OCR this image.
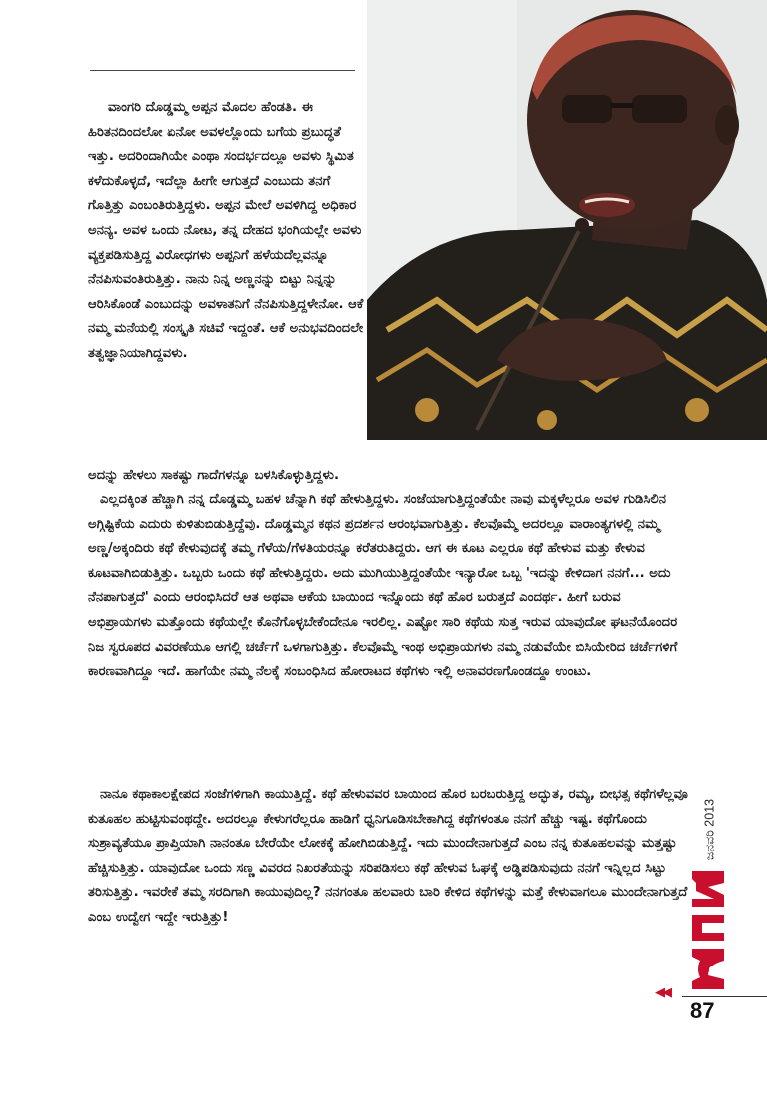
ವಾಂಗರಿ ದೊಡ್ಡಮ್ಮ ಅಪ್ಪನ ಮೊದಲ ಹೆಂಡತಿ. ಈ ಹಿರಿತನದಿಂದಲೋ ಏನೋ ಅವಳಲ್ಲೊಂದು ಬಗೆಯ ಪ್ರಬುದ್ಧತೆ ಇತ್ತು. ಅದರಿಂದಾಗಿಯೇ ಎಂಥಾ ಸಂದರ್ಭದಲ್ಲೂ ಅವಳು ಸ್ಥಿಮಿತ ಕಳೆದುಕೊಳ್ಳದೆ, ಇದೆಲ್ಲಾ ಹೀಗೇ ಆಗುತ್ತದೆ ಎಂಬುದು ತನಗೆ ಗೊತ್ತಿತ್ತು ಎಂಬಂತಿರುತ್ತಿದ್ದಳು. ಅಪ್ಪನ ಮೇಲೆ ಅವಳಿಗಿದ್ದ ಅಧಿಕಾರ ಅನನ್ಯ. ಅವಳ ಒಂದು ನೋಟ, ತನ್ನ ದೇಹದ ಭಂಗಿಯಲ್ಲೇ ಅವಳು ವ್ಯಕ್ತಪಡಿಸುತ್ತಿದ್ದ ವಿರೋಧಗಳು ಅಪ್ಪನಿಗೆ ಹಳೆಯದೆಲ್ಲವನ್ನೂ ನೆನಪಿಸುವಂತಿರುತ್ತಿತ್ತು. ನಾನು ನಿನ್ನ ಅಣ್ಣನನ್ನು ಬಿಟ್ಟು ನಿನ್ನನ್ನು ಆರಿಸಿಕೊಂಡೆ ಎಂಬುದನ್ನು ಅವಳಾತನಿಗೆ ನೆನಪಿಸುತ್ತಿದ್ದಳೇನೋ. ಆಕೆ ನಮ್ಮ ಮನೆಯಲ್ಲಿ ಸಂಸ್ಕೃತಿ ಸಚಿವೆ ಇದ್ದಂತೆ. ಆಕೆ ಅನುಭವದಿಂದಲೇ ತತ್ವಜ್ಞಾನಿಯಾಗಿದ್ದವಳು.

ಅದನ್ನು ಹೇಳಲು ಸಾಕಷ್ಟು ಗಾದೆಗಳನ್ನೂ ಬಳಸಿಕೊಳ್ಳುತ್ತಿದ್ದಳು.

ಎಲ್ಲದಕ್ಕಿಂತ ಹೆಚ್ಚಾಗಿ ನನ್ನ ದೊಡ್ಡಮ್ಮ ಬಹಳ ಚೆನ್ನಾಗಿ ಕಥೆ ಹೇಳುತ್ತಿದ್ದಳು. ಸಂಜೆಯಾಗುತ್ತಿದ್ದಂತೆಯೇ ನಾವು ಮಕ್ಕಳೆಲ್ಲರೂ ಅವಳ ಗುಡಿಸಿಲಿನ ಅಗ್ಗಿಷ್ಟಿಕೆಯ ಎದುರು ಕುಳಿತುಬಿಡುತ್ತಿದ್ದೆವು. ದೊಡ್ಡಮ್ಮನ ಕಥನ ಪ್ರದರ್ಶನ ಆರಂಭವಾಗುತ್ತಿತ್ತು. ಕೆಲವೊಮ್ಮೆ ಅದರಲ್ಲೂ ವಾರಾಂತ್ಯಗಳಲ್ಲಿ ನಮ್ಮ ಅಣ್ಣ/ಅಕ್ಕಂದಿರು ಕಥೆ ಕೇಳುವುದಕ್ಕೆ ತಮ್ಮ ಗೆಳೆಯ/ಗೆಳತಿಯರನ್ನೂ ಕರೆತರುತಿದ್ದರು. ಆಗ ಈ ಕೂಟ ಎಲ್ಲರೂ ಕಥೆ ಹೇಳುವ ಮತ್ತು ಕೇಳುವ ಕೂಟವಾಗಿಬಿಡುತ್ತಿತ್ತು. ಒಬ್ಬರು ಒಂದು ಕಥೆ ಹೇಳುತ್ತಿದ್ದರು. ಅದು ಮುಗಿಯುತ್ತಿದ್ದಂತೆಯೇ ಇನ್ಯಾರೋ ಒಬ್ಬ 'ಇದನ್ನು ಕೇಳಿದಾಗ ನನಗೆ... ಅದು ನೆನಪಾಗುತ್ತದೆ' ಎಂದು ಆರಂಭಿಸಿದರೆ ಆತ ಅಥವಾ ಆಕೆಯ ಬಾಯಿಂದ ಇನ್ನೊಂದು ಕಥೆ ಹೊರ ಬರುತ್ತದೆ ಎಂದರ್ಥ. ಹೀಗೆ ಬರುವ ಅಭಿಪ್ರಾಯಗಳು ಮತ್ತೊಂದು ಕಥೆಯಲ್ಲೇ ಕೊನೆಗೊಳ್ಳಬೇಕೆಂದೇನೂ ಇರಲಿಲ್ಲ. ಎಷ್ಟೋ ಸಾರಿ ಕಥೆಯ ಸುತ್ತ ಇರುವ ಯಾವುದೋ ಘಟನೆಯೊಂದರ ನಿಜ ಸ್ವರೂಪದ ವಿವರಣೆಯೂ ಆಗಲ್ಲಿ ಚರ್ಚೆಗೆ ಒಳಗಾಗುತ್ತಿತ್ತು. ಕೆಲವೊಮ್ಮೆ ಇಂಥ ಅಭಿಪ್ರಾಯಗಳು ನಮ್ಮ ನಡುವೆಯೇ ಬಿಸಿಯೇರಿದ ಚರ್ಚೆಗಳಿಗೆ ಕಾರಣವಾಗಿದ್ದೂ ಇದೆ. ಹಾಗೆಯೇ ನಮ್ಮ ನೆಲಕ್ಕೆ ಸಂಬಂಧಿಸಿದ ಹೋರಾಟದ ಕಥೆಗಳು ಇಲ್ಲಿ ಅನಾವರಣಗೊಂಡದ್ದೂ ಉಂಟು.

ನಾನೂ ಕಥಾಕಾಲಕ್ಷೇಪದ ಸಂಜೆಗಳಿಗಾಗಿ ಕಾಯುತ್ತಿದ್ದೆ. ಕಥೆ ಹೇಳುವವರ ಬಾಯಿಂದ ಹೊರ ಬರಬರುತ್ತಿದ್ದ ಅದ್ಭುತ, ರಮ್ಯ, ಬೀಭತ್ಸ ಕಥೆಗಳೆಲ್ಲವೂ ಕುತೂಹಲ ಹುಟ್ಟಿಸುವಂಥದ್ದೇ. ಅದರಲ್ಲೂ ಕೇಳುಗರೆಲ್ಲರೂ ಹಾಡಿಗೆ ಧ್ವನಿಗೂಡಿಸಬೇಕಾಗಿದ್ದ ಕಥೆಗಳಂತೂ ನನಗೆ ಹೆಚ್ಚು ಇಷ್ಟ. ಕಥೆಗೊಂದು ಸುಶ್ರಾವ್ಯತೆಯೂ ಪ್ರಾಪ್ತಿಯಾಗಿ ನಾನಂತೂ ಬೇರೆಯೇ ಲೋಕಕ್ಕೆ ಹೋಗಿಬಿಡುತ್ತಿದ್ದೆ. ಇದು ಮುಂದೇನಾಗುತ್ತದೆ ಎಂಬ ನನ್ನ ಕುತೂಹಲವನ್ನು ಮತ್ತಷ್ಟು ಹೆಚ್ಚಿಸುತ್ತಿತ್ತು. ಯಾವುದೋ ಒಂದು ಸಣ್ಣ ವಿವರದ ನಿಖರತೆಯನ್ನು ಸರಿಪಡಿಸಲು ಕಥೆ ಹೇಳುವ ಓಘಕ್ಕೆ ಅಡ್ಡಿಪಡಿಸುವುದು ನನಗೆ ಇನ್ನಿಲ್ಲದ ಸಿಟ್ಟು ತರಿಸುತ್ತಿತ್ತು. ಇವರೇಕೆ ತಮ್ಮ ಸರದಿಗಾಗಿ ಕಾಯುವುದಿಲ್ಲ? ನನಗಂತೂ ಹಲವಾರು ಬಾರಿ ಕೇಳಿದ ಕಥೆಗಳನ್ನು ಮತ್ತೆ ಕೇಳುವಾಗಲೂ ಮುಂದೇನಾಗುತ್ತದೆ ಎಂಬ ಉದ್ವೇಗ ಇದ್ದೇ ಇರುತ್ತಿತ್ತು!

ಜನವರಿ 2013
◀◀
87
